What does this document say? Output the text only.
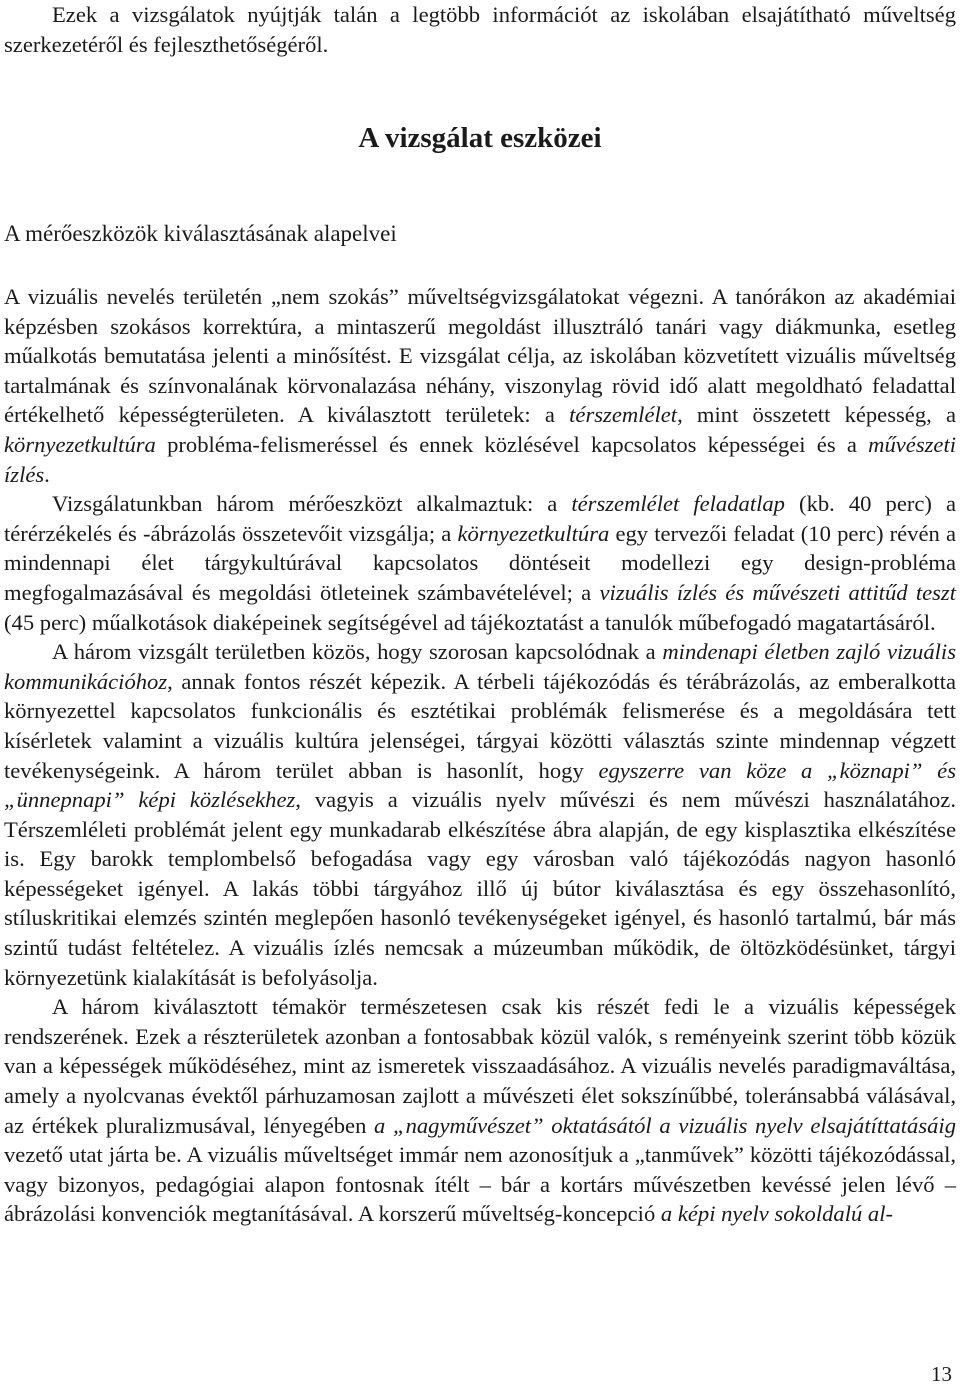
Ezek a vizsgálatok nyújtják talán a legtöbb információt az iskolában elsajátítható műveltség szerkezetéről és fejleszthetőségéről.

A vizsgálat eszközei
A mérőeszközök kiválasztásának alapelvei

A vizuális nevelés területén „nem szokás” műveltségvizsgálatokat végezni. A tanórákon az akadémiai képzésben szokásos korrektúra, a mintaszerű megoldást illusztráló tanári vagy diákmunka, esetleg műalkotás bemutatása jelenti a minősítést. E vizsgálat célja, az iskolában közvetített vizuális műveltség tartalmának és színvonalának körvonalazása néhány, viszonylag rövid idő alatt megoldható feladattal értékelhető képességterületen. A kiválasztott területek: a térszemlélet, mint összetett képesség, a környezetkultúra probléma-felismeréssel és ennek közlésével kapcsolatos képességei és a művészeti ízlés.

Vizsgálatunkban három mérőeszközt alkalmaztuk: a térszemlélet feladatlap (kb. 40 perc) a térérzékelés és -ábrázolás összetevőit vizsgálja; a környezetkultúra egy tervezői feladat (10 perc) révén a mindennapi élet tárgykultúrával kapcsolatos döntéseit modellezi egy design-probléma megfogalmazásával és megoldási ötleteinek számbavételével; a vizuális ízlés és művészeti attitűd teszt (45 perc) műalkotások diaképeinek segítségével ad tájékoztatást a tanulók műbefogadó magatartásáról.

A három vizsgált területben közös, hogy szorosan kapcsolódnak a mindenapi életben zajló vizuális kommunikációhoz, annak fontos részét képezik. A térbeli tájékozódás és térábrázolás, az emberalkotta környezettel kapcsolatos funkcionális és esztétikai problémák felismerése és a megoldására tett kísérletek valamint a vizuális kultúra jelenségei, tárgyai közötti választás szinte mindennap végzett tevékenységeink. A három terület abban is hasonlít, hogy egyszerre van köze a „köznapi” és „ünnepnapi” képi közlésekhez, vagyis a vizuális nyelv művészi és nem művészi használatához. Térszemléleti problémát jelent egy munkadarab elkészítése ábra alapján, de egy kisplasztika elkészítése is. Egy barokk templombelső befogadása vagy egy városban való tájékozódás nagyon hasonló képességeket igényel. A lakás többi tárgyához illő új bútor kiválasztása és egy összehasonlító, stíluskritikai elemzés szintén meglepően hasonló tevékenységeket igényel, és hasonló tartalmú, bár más szintű tudást feltételez. A vizuális ízlés nemcsak a múzeumban működik, de öltözködésünket, tárgyi környezetünk kialakítását is befolyásolja.

A három kiválasztott témakör természetesen csak kis részét fedi le a vizuális képességek rendszerének. Ezek a részterületek azonban a fontosabbak közül valók, s reményeink szerint több közük van a képességek működéséhez, mint az ismeretek visszaadásához. A vizuális nevelés paradigmaváltása, amely a nyolcvanas évektől párhuzamosan zajlott a művészeti élet sokszínűbbé, toleránsabbá válásával, az értékek pluralizmusával, lényegében a „nagyművészet” oktatásától a vizuális nyelv elsajátíttatásáig vezető utat járta be. A vizuális műveltséget immár nem azonosítjuk a „tanművek” közötti tájékozódással, vagy bizonyos, pedagógiai alapon fontosnak ítélt – bár a kortárs művészetben kevéssé jelen lévő – ábrázolási konvenciók megtanításával. A korszerű műveltség-koncepció a képi nyelv sokoldalú al-

13
